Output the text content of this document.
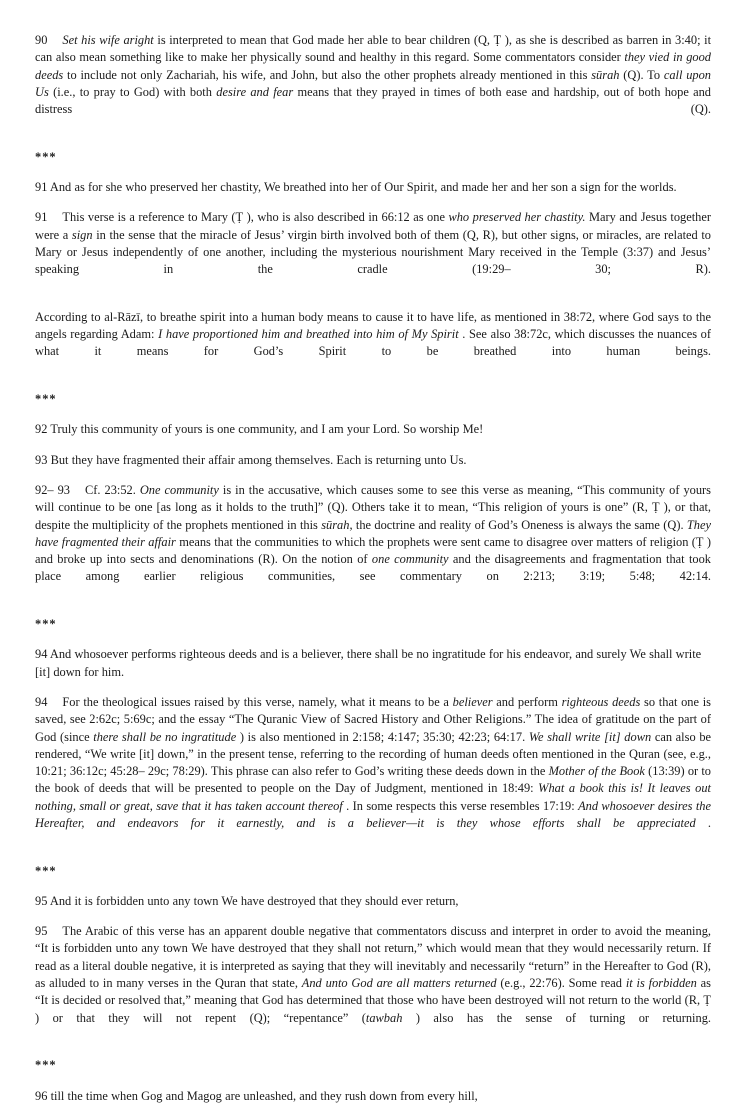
90 Set his wife aright is interpreted to mean that God made her able to bear children (Q, Ṭ ), as she is described as barren in 3:40; it can also mean something like to make her physically sound and healthy in this regard. Some commentators consider they vied in good deeds to include not only Zachariah, his wife, and John, but also the other prophets already mentioned in this sūrah (Q). To call upon Us (i.e., to pray to God) with both desire and fear means that they prayed in times of both ease and hardship, out of both hope and distress (Q).

***

91 And as for she who preserved her chastity, We breathed into her of Our Spirit, and made her and her son a sign for the worlds.

91 This verse is a reference to Mary (Ṭ ), who is also described in 66:12 as one who preserved her chastity. Mary and Jesus together were a sign in the sense that the miracle of Jesus’ virgin birth involved both of them (Q, R), but other signs, or miracles, are related to Mary or Jesus independently of one another, including the mysterious nourishment Mary received in the Temple (3:37) and Jesus’ speaking in the cradle (19:29– 30; R).

According to al-Rāzī, to breathe spirit into a human body means to cause it to have life, as mentioned in 38:72, where God says to the angels regarding Adam: I have proportioned him and breathed into him of My Spirit . See also 38:72c, which discusses the nuances of what it means for God’s Spirit to be breathed into human beings.

***

92 Truly this community of yours is one community, and I am your Lord. So worship Me!

93 But they have fragmented their affair among themselves. Each is returning unto Us.

92– 93 Cf. 23:52. One community is in the accusative, which causes some to see this verse as meaning, “This community of yours will continue to be one [as long as it holds to the truth]” (Q). Others take it to mean, “This religion of yours is one” (R, Ṭ ), or that, despite the multiplicity of the prophets mentioned in this sūrah, the doctrine and reality of God’s Oneness is always the same (Q). They have fragmented their affair means that the communities to which the prophets were sent came to disagree over matters of religion (Ṭ ) and broke up into sects and denominations (R). On the notion of one community and the disagreements and fragmentation that took place among earlier religious communities, see commentary on 2:213; 3:19; 5:48; 42:14.

***

94 And whosoever performs righteous deeds and is a believer, there shall be no ingratitude for his endeavor, and surely We shall write [it] down for him.

94 For the theological issues raised by this verse, namely, what it means to be a believer and perform righteous deeds so that one is saved, see 2:62c; 5:69c; and the essay “The Quranic View of Sacred History and Other Religions.” The idea of gratitude on the part of God (since there shall be no ingratitude ) is also mentioned in 2:158; 4:147; 35:30; 42:23; 64:17. We shall write [it] down can also be rendered, “We write [it] down,” in the present tense, referring to the recording of human deeds often mentioned in the Quran (see, e.g., 10:21; 36:12c; 45:28– 29c; 78:29). This phrase can also refer to God’s writing these deeds down in the Mother of the Book (13:39) or to the book of deeds that will be presented to people on the Day of Judgment, mentioned in 18:49: What a book this is! It leaves out nothing, small or great, save that it has taken account thereof . In some respects this verse resembles 17:19: And whosoever desires the Hereafter, and endeavors for it earnestly, and is a believer—it is they whose efforts shall be appreciated .

***

95 And it is forbidden unto any town We have destroyed that they should ever return,

95 The Arabic of this verse has an apparent double negative that commentators discuss and interpret in order to avoid the meaning, “It is forbidden unto any town We have destroyed that they shall not return,” which would mean that they would necessarily return. If read as a literal double negative, it is interpreted as saying that they will inevitably and necessarily “return” in the Hereafter to God (R), as alluded to in many verses in the Quran that state, And unto God are all matters returned (e.g., 22:76). Some read it is forbidden as “It is decided or resolved that,” meaning that God has determined that those who have been destroyed will not return to the world (R, Ṭ ) or that they will not repent (Q); “repentance” (tawbah ) also has the sense of turning or returning.

***

96 till the time when Gog and Magog are unleashed, and they rush down from every hill,
